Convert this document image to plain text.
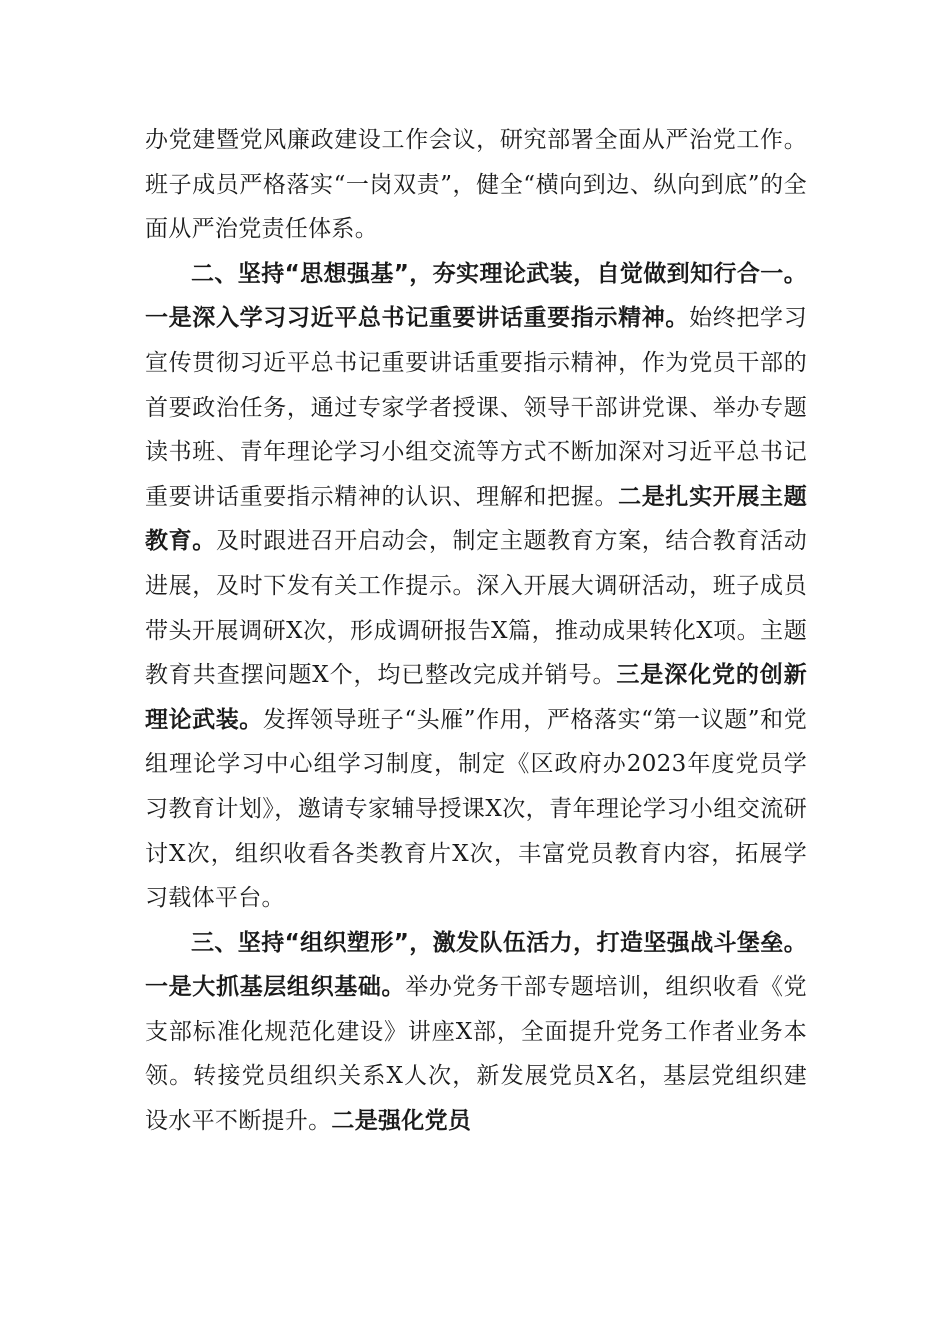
办党建暨党风廉政建设工作会议，研究部署全面从严治党工作。班子成员严格落实“一岗双责”，健全“横向到边、纵向到底”的全面从严治党责任体系。

二、坚持“思想强基”，夯实理论武装，自觉做到知行合一。一是深入学习习近平总书记重要讲话重要指示精神。始终把学习宣传贯彻习近平总书记重要讲话重要指示精神，作为党员干部的首要政治任务，通过专家学者授课、领导干部讲党课、举办专题读书班、青年理论学习小组交流等方式不断加深对习近平总书记重要讲话重要指示精神的认识、理解和把握。二是扎实开展主题教育。及时跟进召开启动会，制定主题教育方案，结合教育活动进展，及时下发有关工作提示。深入开展大调研活动，班子成员带头开展调研X次，形成调研报告X篇，推动成果转化X项。主题教育共查摆问题X个，均已整改完成并销号。三是深化党的创新理论武装。发挥领导班子“头雁”作用，严格落实“第一议题”和党组理论学习中心组学习制度，制定《区政府办2023年度党员学习教育计划》，邀请专家辅导授课X次，青年理论学习小组交流研讨X次，组织收看各类教育片X次，丰富党员教育内容，拓展学习载体平台。

三、坚持“组织塑形”，激发队伍活力，打造坚强战斗堡垒。一是大抓基层组织基础。举办党务干部专题培训，组织收看《党支部标准化规范化建设》讲座X部，全面提升党务工作者业务本领。转接党员组织关系X人次，新发展党员X名，基层党组织建设水平不断提升。二是强化党员
